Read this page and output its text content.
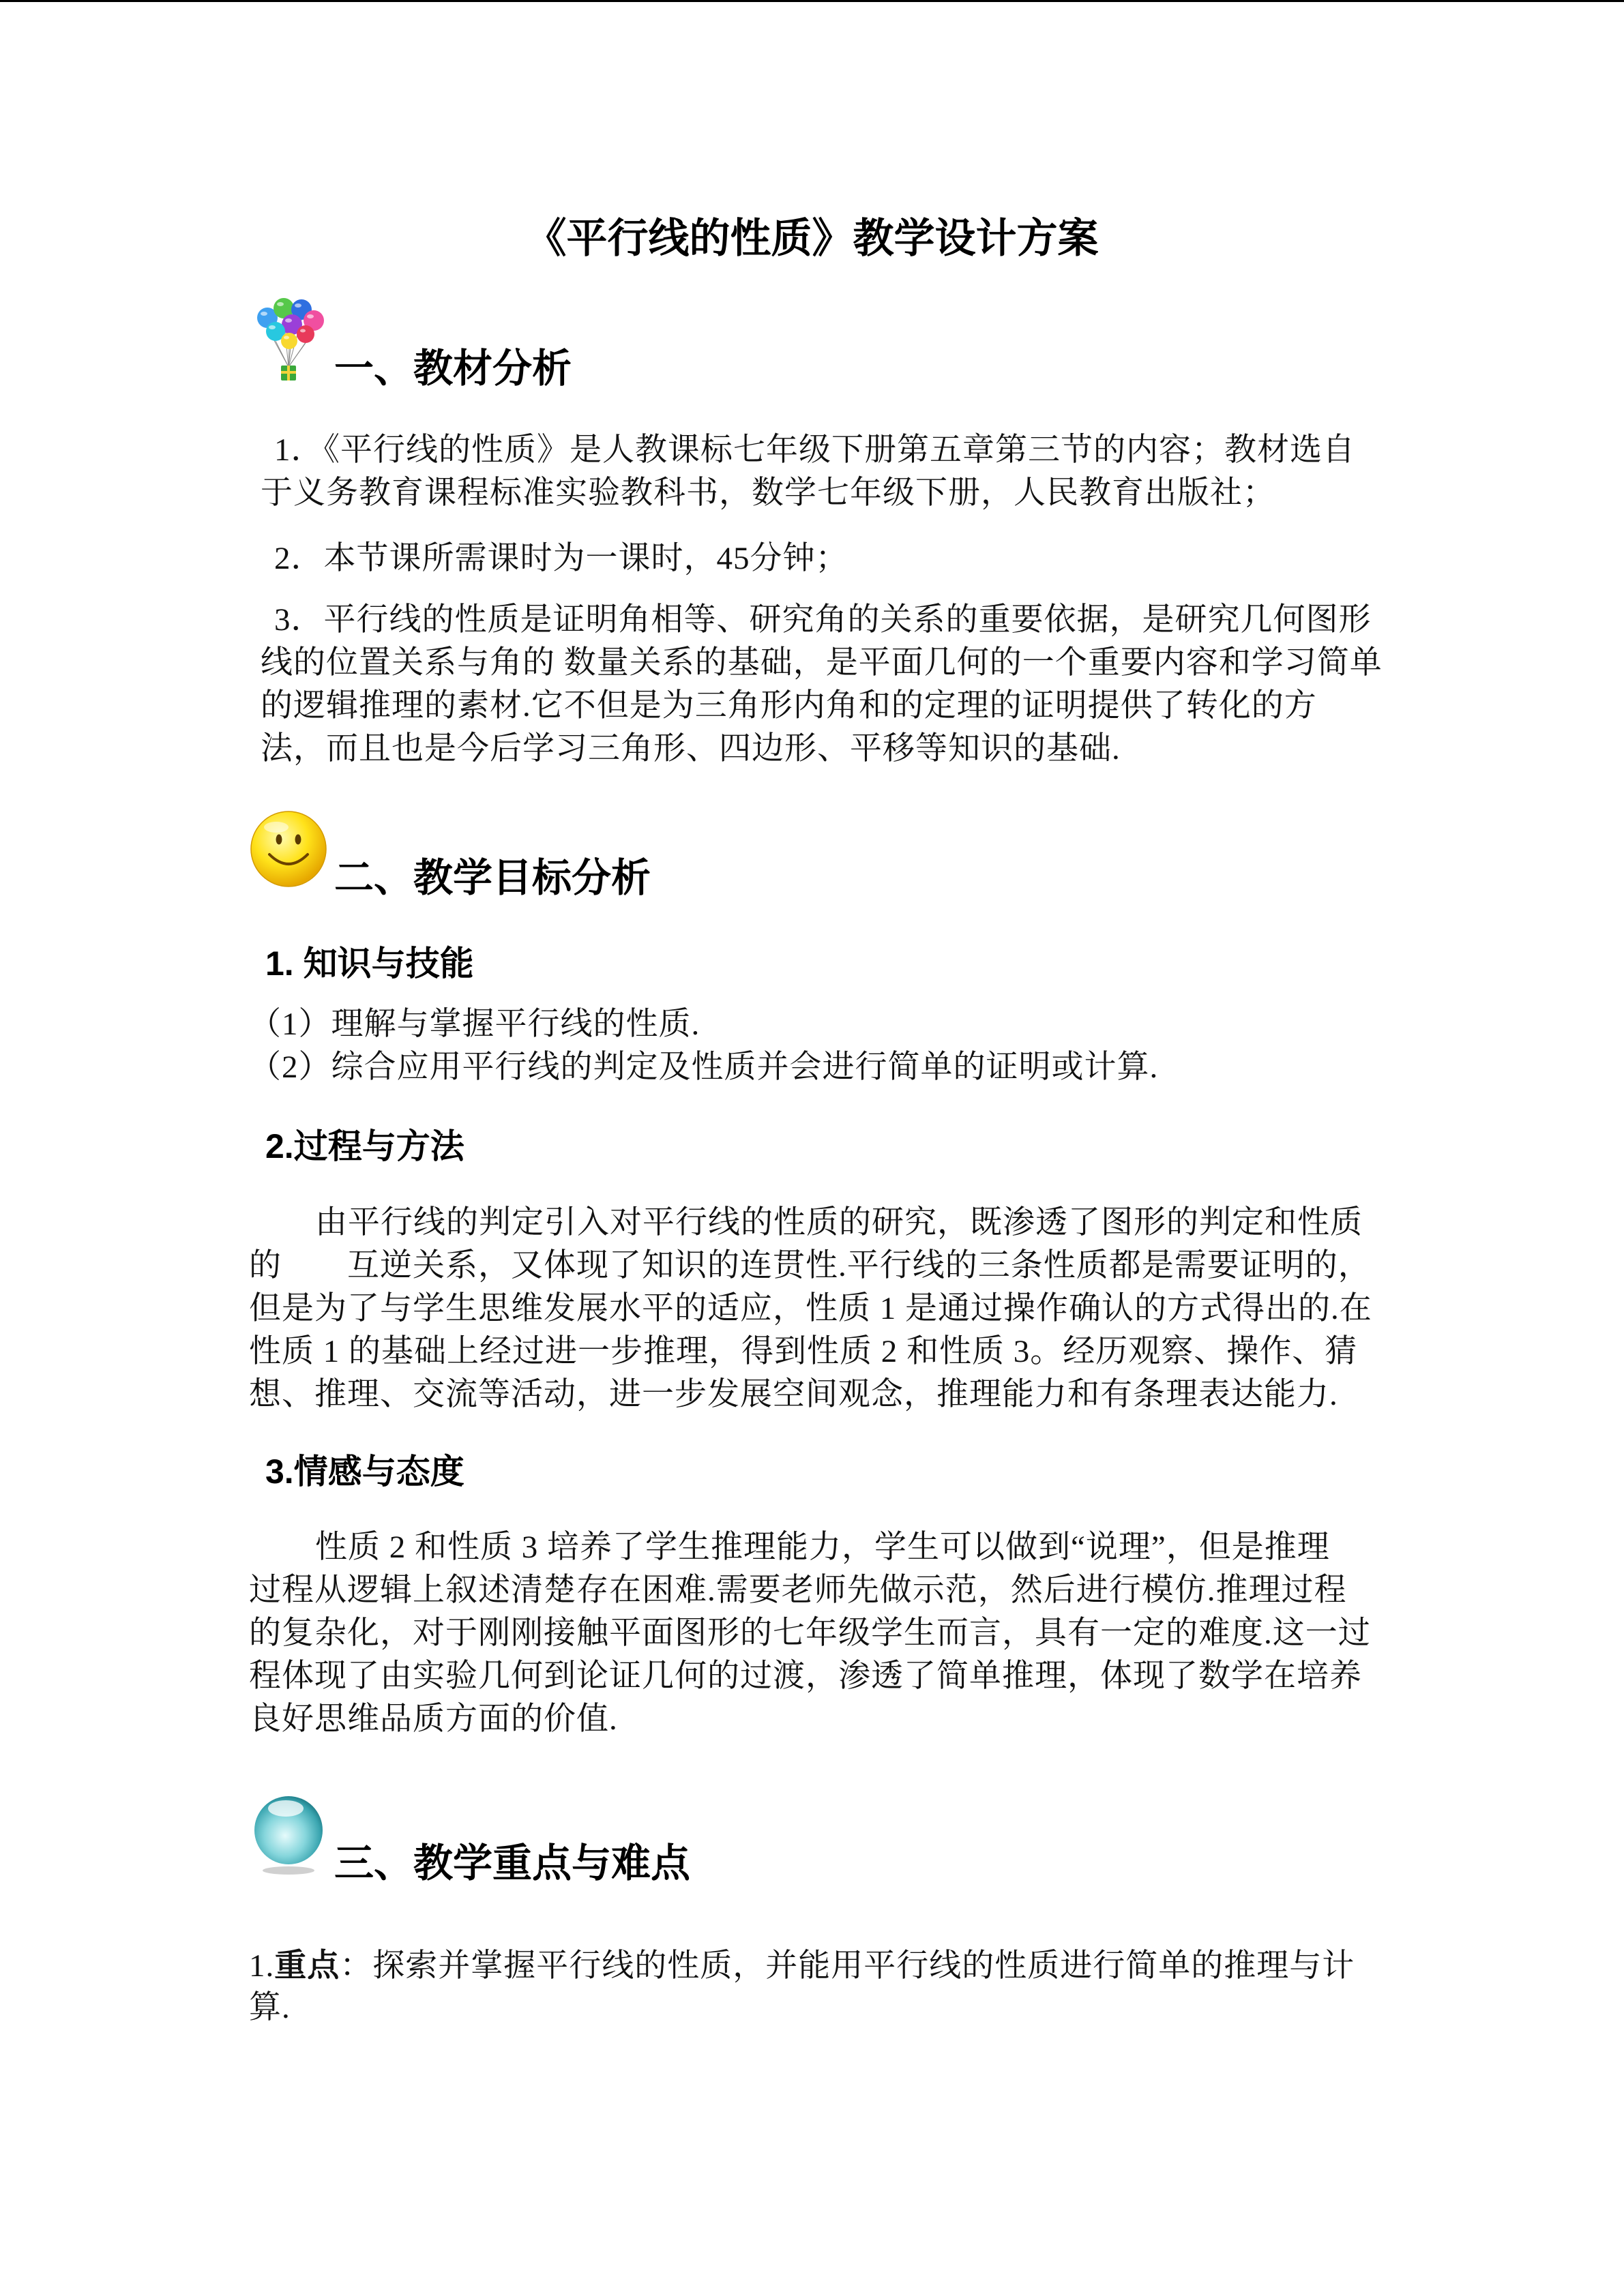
《平行线的性质》教学设计方案
一、教材分析
1．《平行线的性质》是人教课标七年级下册第五章第三节的内容；教材选自
于义务教育课程标准实验教科书，数学七年级下册，人民教育出版社；
2．本节课所需课时为一课时，45分钟；
3．平行线的性质是证明角相等、研究角的关系的重要依据，是研究几何图形
线的位置关系与角的 数量关系的基础，是平面几何的一个重要内容和学习简单
的逻辑推理的素材.它不但是为三角形内角和的定理的证明提供了转化的方
法，而且也是今后学习三角形、四边形、平移等知识的基础.
二、教学目标分析
1. 知识与技能
（1）理解与掌握平行线的性质.
（2）综合应用平行线的判定及性质并会进行简单的证明或计算.
2.过程与方法
由平行线的判定引入对平行线的性质的研究，既渗透了图形的判定和性质
的　　互逆关系，又体现了知识的连贯性.平行线的三条性质都是需要证明的，
但是为了与学生思维发展水平的适应，性质 1 是通过操作确认的方式得出的.在
性质 1 的基础上经过进一步推理，得到性质 2 和性质 3。经历观察、操作、猜
想、推理、交流等活动，进一步发展空间观念，推理能力和有条理表达能力.
3.情感与态度
性质 2 和性质 3 培养了学生推理能力，学生可以做到“说理”，但是推理
过程从逻辑上叙述清楚存在困难.需要老师先做示范，然后进行模仿.推理过程
的复杂化，对于刚刚接触平面图形的七年级学生而言，具有一定的难度.这一过
程体现了由实验几何到论证几何的过渡，渗透了简单推理，体现了数学在培养
良好思维品质方面的价值.
三、教学重点与难点
1.重点：探索并掌握平行线的性质，并能用平行线的性质进行简单的推理与计
算.
